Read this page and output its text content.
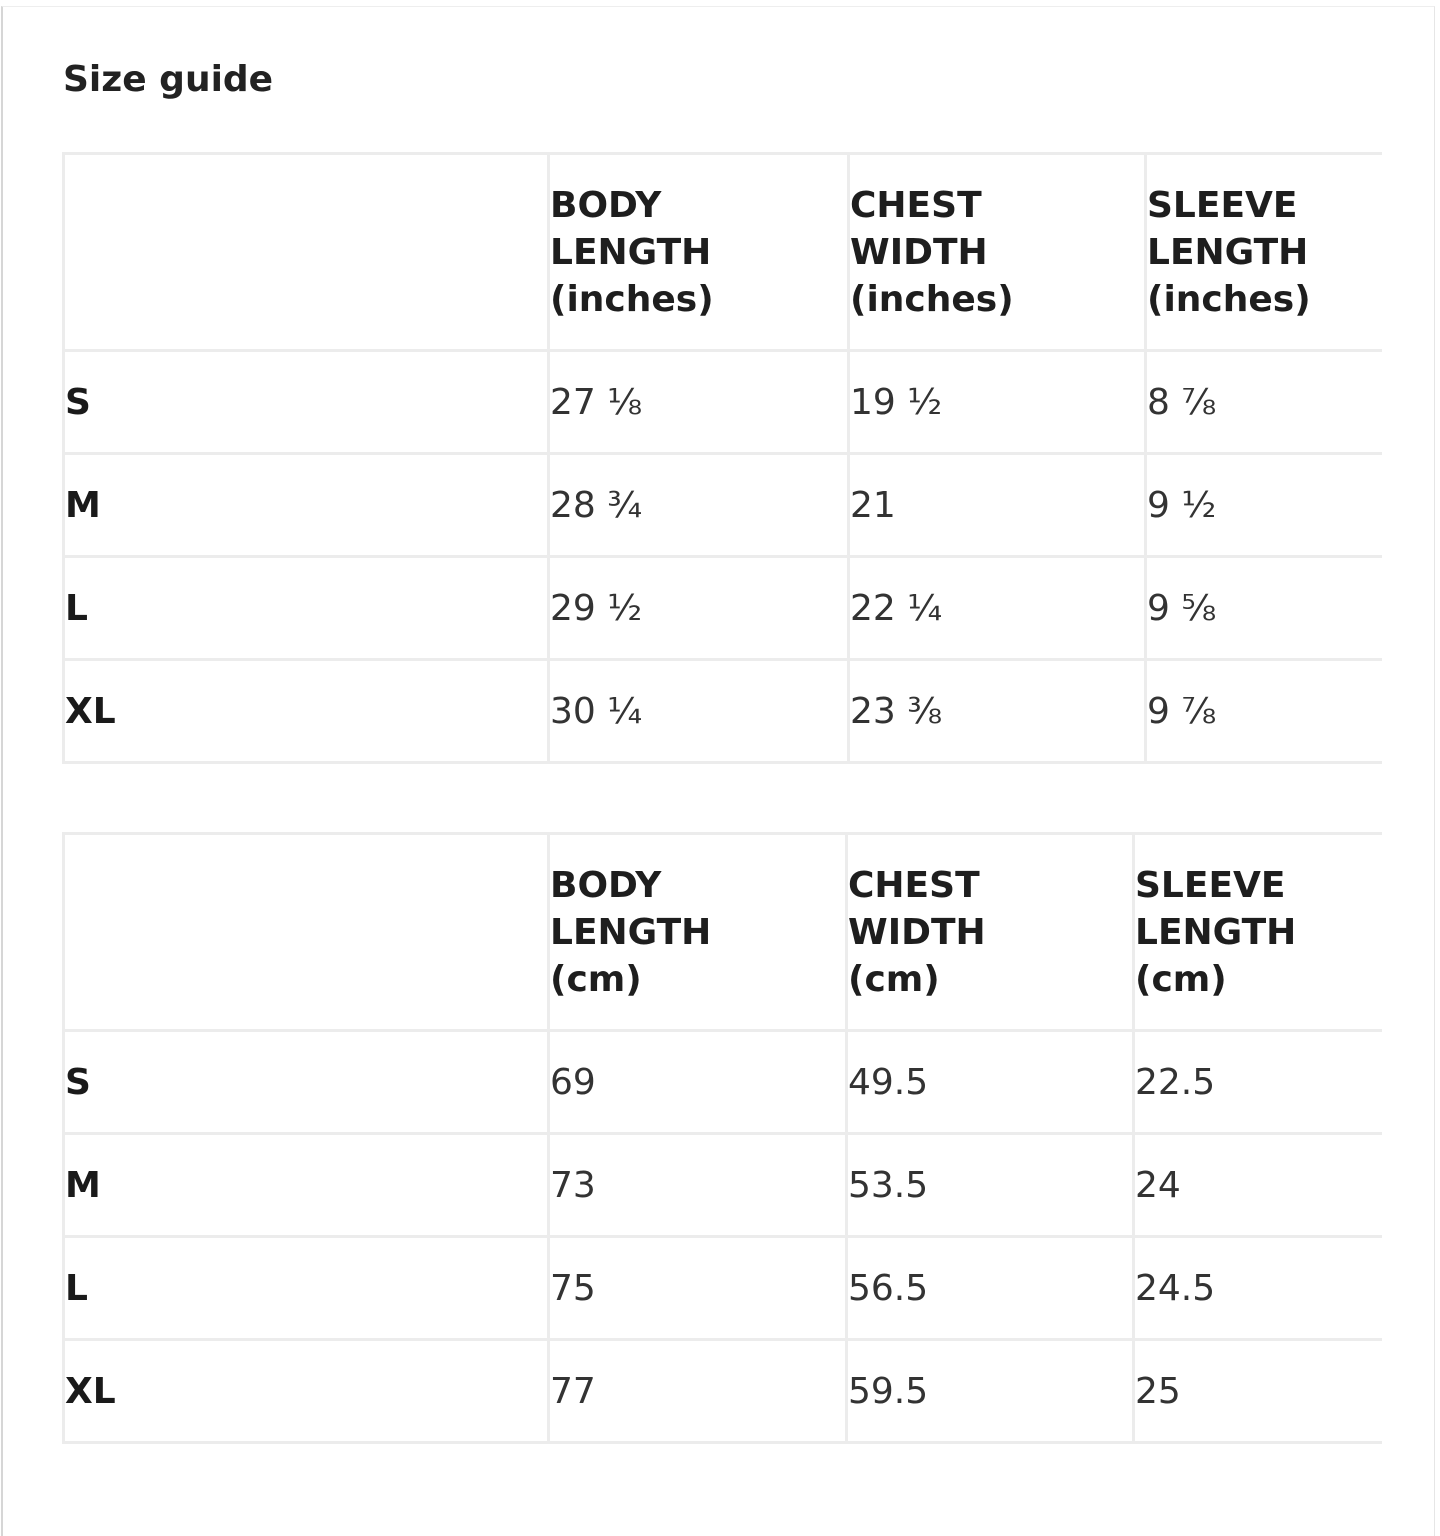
Size guide

	BODY
LENGTH
(inches)	CHEST
WIDTH
(inches)	SLEEVE
LENGTH
(inches)

S	27 ⅛	19 ½	8 ⅞
M	28 ¾	21	9 ½
L	29 ½	22 ¼	9 ⅝
XL	30 ¼	23 ⅜	9 ⅞

	BODY
LENGTH
(cm)	CHEST
WIDTH
(cm)	SLEEVE
LENGTH
(cm)

S	69	49.5	22.5
M	73	53.5	24
L	75	56.5	24.5
XL	77	59.5	25
